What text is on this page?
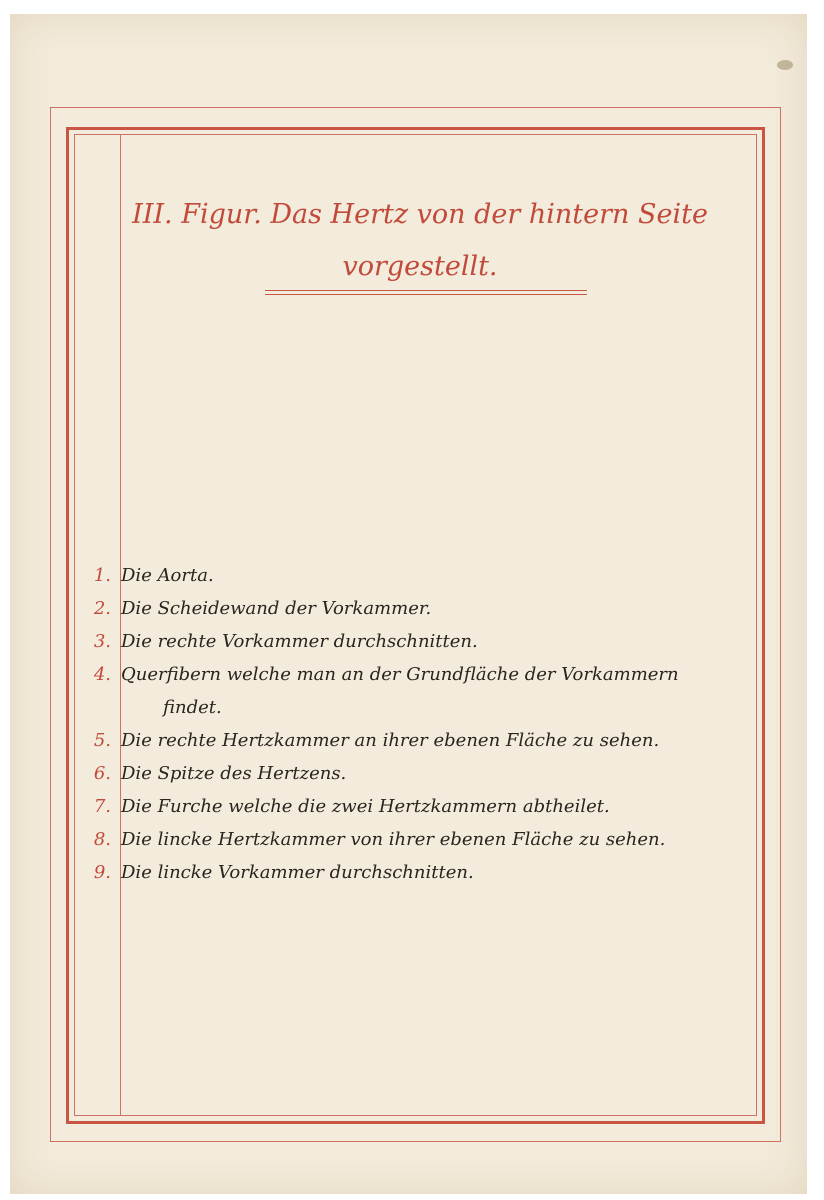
III. Figur. Das Hertz von der hintern Seite
vorgestellt.
1. Die Aorta.
2. Die Scheidewand der Vorkammer.
3. Die rechte Vorkammer durchschnitten.
4. Querfibern welche man an der Grundfläche der Vorkammern
findet.
5. Die rechte Hertzkammer an ihrer ebenen Fläche zu sehen.
6. Die Spitze des Hertzens.
7. Die Furche welche die zwei Hertzkammern abtheilet.
8. Die lincke Hertzkammer von ihrer ebenen Fläche zu sehen.
9. Die lincke Vorkammer durchschnitten.
